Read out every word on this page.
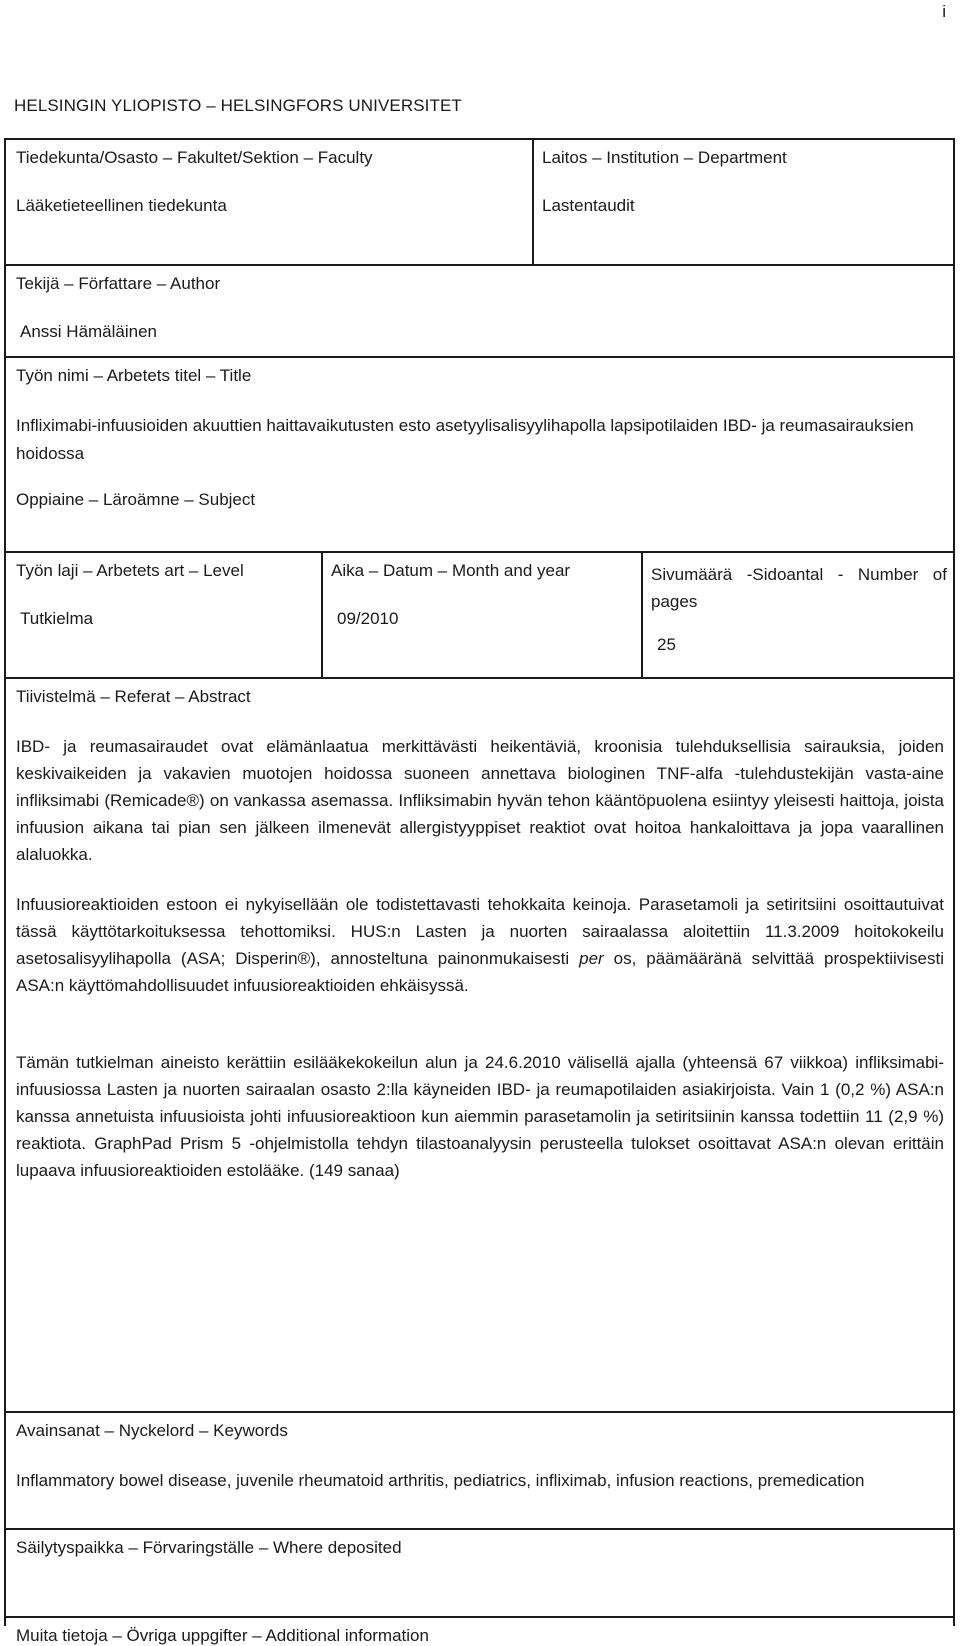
i
HELSINGIN YLIOPISTO – HELSINGFORS UNIVERSITET
Tiedekunta/Osasto – Fakultet/Sektion – Faculty
Lääketieteellinen tiedekunta
Laitos – Institution – Department
Lastentaudit
Tekijä – Författare – Author
Anssi Hämäläinen
Työn nimi – Arbetets titel – Title
Infliximabi-infuusioiden akuuttien haittavaikutusten esto asetyylisalisyylihapolla lapsipotilaiden IBD- ja reumasairauksien hoidossa
Oppiaine – Läroämne – Subject
Työn laji – Arbetets art – Level
Tutkielma
Aika – Datum – Month and year
09/2010
Sivumäärä -Sidoantal - Number of pages
25
Tiivistelmä – Referat – Abstract

IBD- ja reumasairaudet ovat elämänlaatua merkittävästi heikentäviä, kroonisia tulehduksellisia sairauksia, joiden keskivaikeiden ja vakavien muotojen hoidossa suoneen annettava biologinen TNF-alfa -tulehdustekijän vasta-aine infliksimabi (Remicade®) on vankassa asemassa. Infliksimabin hyvän tehon kääntöpuolena esiintyy yleisesti haittoja, joista infuusion aikana tai pian sen jälkeen ilmenevät allergistyyppiset reaktiot ovat hoitoa hankaloittava ja jopa vaarallinen alaluokka.

Infuusioreaktioiden estoon ei nykyisellään ole todistettavasti tehokkaita keinoja. Parasetamoli ja setiritsiini osoittautuivat tässä käyttötarkoituksessa tehottomiksi. HUS:n Lasten ja nuorten sairaalassa aloitettiin 11.3.2009 hoitokokeilu asetosalisyylihapolla (ASA; Disperin®), annosteltuna painonmukaisesti per os, päämääränä selvittää prospektiivisesti ASA:n käyttömahdollisuudet infuusioreaktioiden ehkäisyssä.

Tämän tutkielman aineisto kerättiin esilääkekokeilun alun ja 24.6.2010 välisellä ajalla (yhteensä 67 viikkoa) infliksimabi-infuusiossa Lasten ja nuorten sairaalan osasto 2:lla käyneiden IBD- ja reumapotilaiden asiakirjoista. Vain 1 (0,2 %) ASA:n kanssa annetuista infuusioista johti infuusioreaktioon kun aiemmin parasetamolin ja setiritsiinin kanssa todettiin 11 (2,9 %) reaktiota. GraphPad Prism 5 -ohjelmistolla tehdyn tilastoanalyysin perusteella tulokset osoittavat ASA:n olevan erittäin lupaava infuusioreaktioiden estolääke. (149 sanaa)

Avainsanat – Nyckelord – Keywords
Inflammatory bowel disease, juvenile rheumatoid arthritis, pediatrics, infliximab, infusion reactions, premedication
Säilytyspaikka – Förvaringställe – Where deposited
Muita tietoja – Övriga uppgifter – Additional information
